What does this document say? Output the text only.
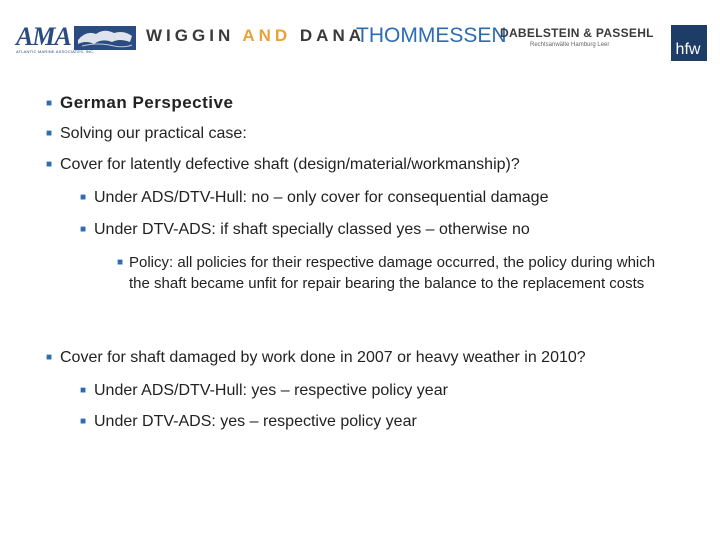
AMA
ATLANTIC MARINE ASSOCIATES, INC.
WIGGIN AND DANA
THOMMESSEN
DABELSTEIN & PASSEHL
Rechtsanwälte Hamburg Leer	hfw
■ German Perspective
■ Solving our practical case:
■ Cover for latently defective shaft (design/material/workmanship)?
■ Under ADS/DTV-Hull: no – only cover for consequential damage
■ Under DTV-ADS: if shaft specially classed yes – otherwise no
■ Policy: all policies for their respective damage occurred, the policy during which the shaft became unfit for repair bearing the balance to the replacement costs
■ Cover for shaft damaged by work done in 2007 or heavy weather in 2010?
■ Under ADS/DTV-Hull: yes – respective policy year
■ Under DTV-ADS: yes – respective policy year
